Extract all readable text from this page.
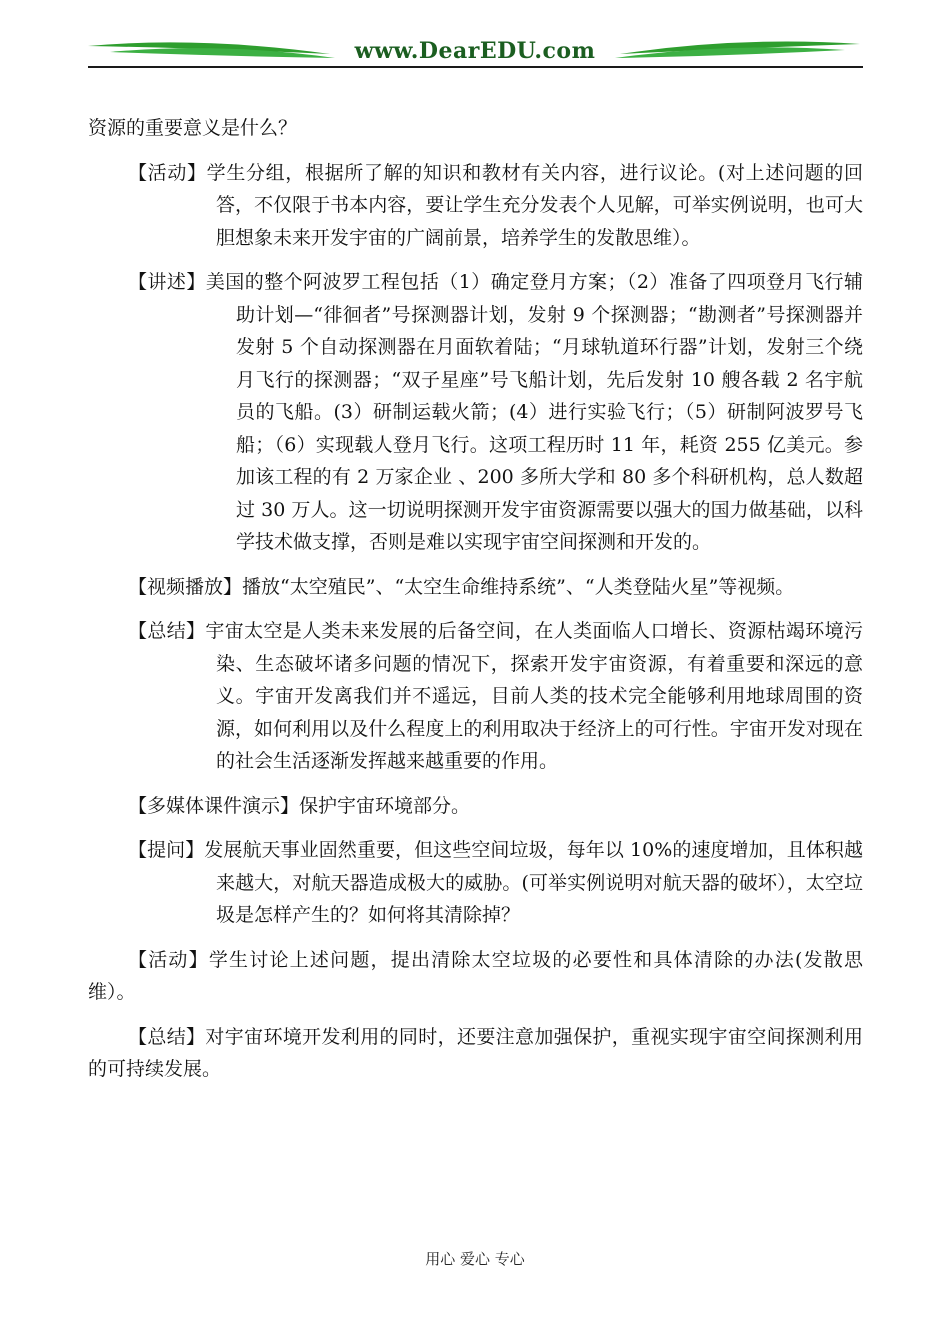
www.DearEDU.com

资源的重要意义是什么？

【活动】学生分组，根据所了解的知识和教材有关内容，进行议论。(对上述问题的回答，不仅限于书本内容，要让学生充分发表个人见解，可举实例说明，也可大胆想象未来开发宇宙的广阔前景，培养学生的发散思维）。

【讲述】美国的整个阿波罗工程包括（1）确定登月方案；（2）准备了四项登月飞行辅助计划—“徘徊者”号探测器计划，发射 9 个探测器；“勘测者”号探测器并发射 5 个自动探测器在月面软着陆；“月球轨道环行器”计划，发射三个绕月飞行的探测器；“双子星座”号飞船计划，先后发射 10 艘各载 2 名宇航员的飞船。(3）研制运载火箭；(4）进行实验飞行；（5）研制阿波罗号飞船；（6）实现载人登月飞行。这项工程历时 11 年，耗资 255 亿美元。参加该工程的有 2 万家企业 、200 多所大学和 80 多个科研机构，总人数超过 30 万人。这一切说明探测开发宇宙资源需要以强大的国力做基础，以科学技术做支撑，否则是难以实现宇宙空间探测和开发的。

【视频播放】播放“太空殖民”、“太空生命维持系统”、“人类登陆火星”等视频。

【总结】宇宙太空是人类未来发展的后备空间，在人类面临人口增长、资源枯竭环境污染、生态破坏诸多问题的情况下，探索开发宇宙资源，有着重要和深远的意义。宇宙开发离我们并不遥远，目前人类的技术完全能够利用地球周围的资源，如何利用以及什么程度上的利用取决于经济上的可行性。宇宙开发对现在的社会生活逐渐发挥越来越重要的作用。

【多媒体课件演示】保护宇宙环境部分。

【提问】发展航天事业固然重要，但这些空间垃圾，每年以 10%的速度增加，且体积越来越大，对航天器造成极大的威胁。(可举实例说明对航天器的破坏），太空垃圾是怎样产生的？如何将其清除掉？

【活动】学生讨论上述问题，提出清除太空垃圾的必要性和具体清除的办法(发散思维）。

【总结】对宇宙环境开发利用的同时，还要注意加强保护，重视实现宇宙空间探测利用的可持续发展。

用心 爱心 专心
